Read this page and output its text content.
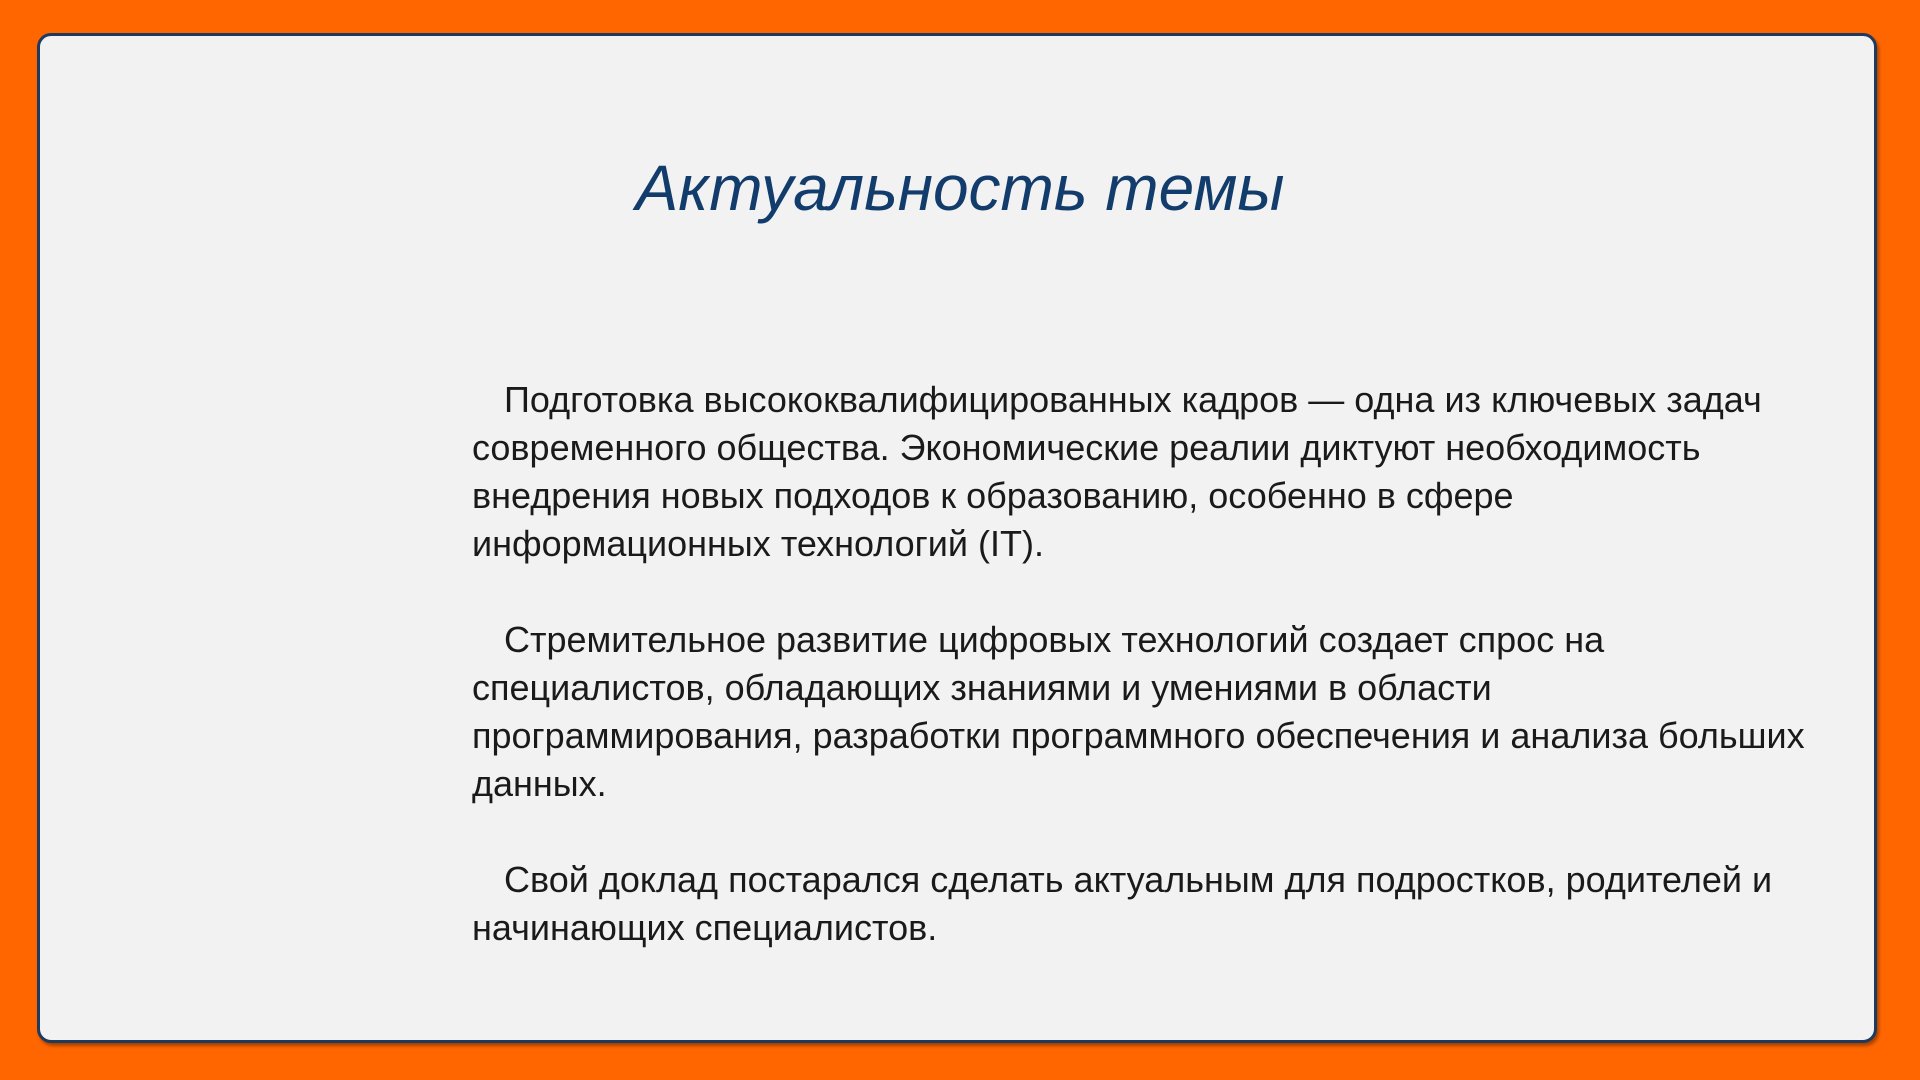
Актуальность темы

Подготовка высококвалифицированных кадров — одна из ключевых задач современного общества. Экономические реалии диктуют необходимость внедрения новых подходов к образованию, особенно в сфере информационных технологий (IT).

Стремительное развитие цифровых технологий создает спрос на специалистов, обладающих знаниями и умениями в области программирования, разработки программного обеспечения и анализа больших данных.

Свой доклад постарался сделать актуальным для подростков, родителей и начинающих специалистов.
